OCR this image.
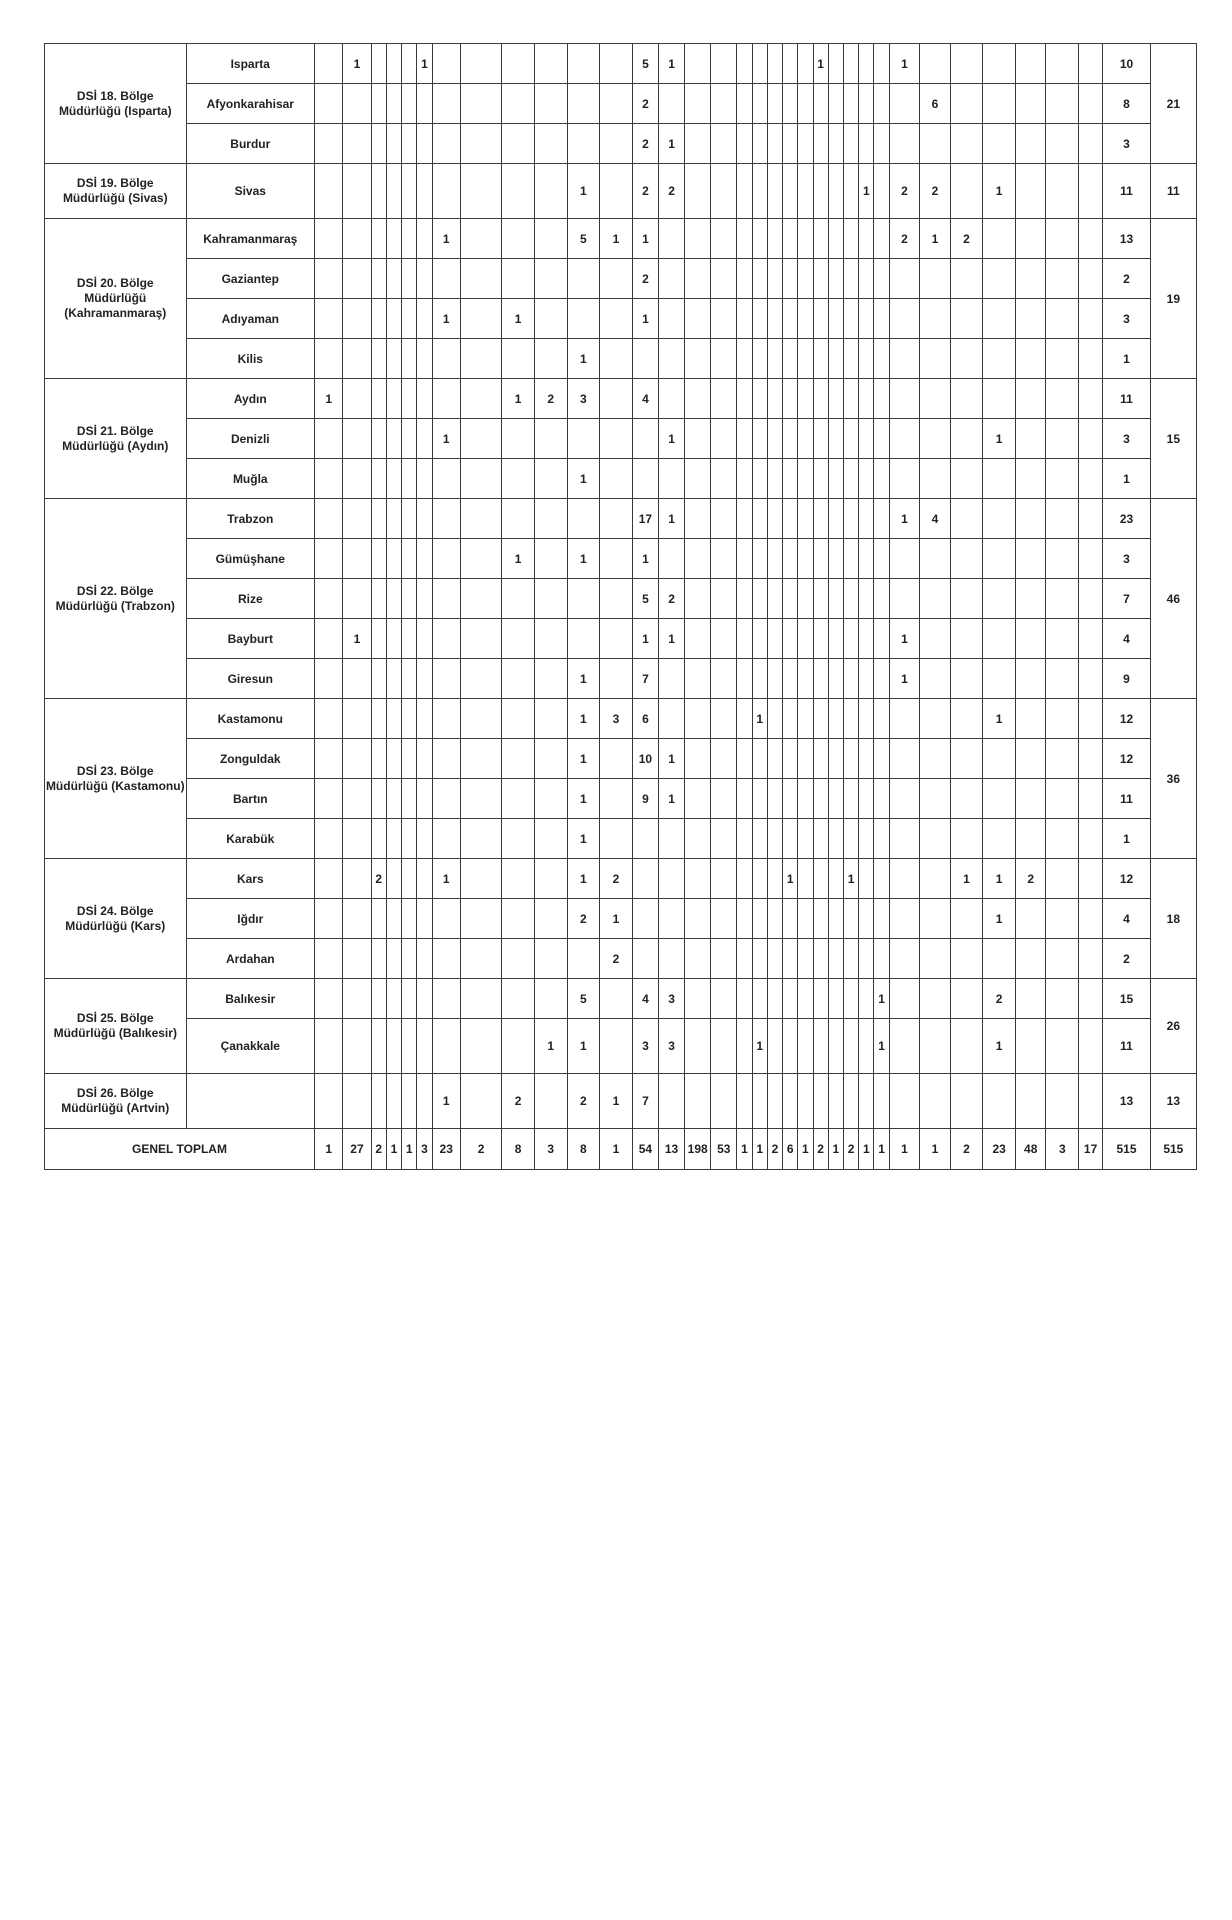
DSİ 18. Bölge Müdürlüğü (Isparta)	Isparta		1				1							5	1								1					1							10	21
	Afyonkarahisar													2															6						8	
	Burdur													2	1																				3	
DSİ 19. Bölge Müdürlüğü (Sivas)	Sivas											1		2	2											1		2	2		1				11	11
DSİ 20. Bölge Müdürlüğü (Kahramanmaraş)	Kahramanmaraş							1				5	1	1														2	1	2					13	19
	Gaziantep													2																					2	
	Adıyaman							1		1				1																					3	
	Kilis											1																							1	
DSİ 21. Bölge Müdürlüğü (Aydın)	Aydın	1								1	2	3		4																					11	15
	Denizli							1							1																1				3	
	Muğla											1																							1	
DSİ 22. Bölge Müdürlüğü (Trabzon)	Trabzon													17	1													1	4						23	46
	Gümüşhane									1		1		1																					3	
	Rize													5	2																				7	
	Bayburt		1											1	1													1							4	
	Giresun											1		7														1							9	
DSİ 23. Bölge Müdürlüğü (Kastamonu)	Kastamonu											1	3	6					1												1				12	36
	Zonguldak											1		10	1																				12	
	Bartın											1		9	1																				11	
	Karabük											1																							1	
DSİ 24. Bölge Müdürlüğü (Kars)	Kars			2				1				1	2								1				1					1	1	2			12	18
	Iğdır											2	1																		1				4	
	Ardahan												2																						2	
DSİ 25. Bölge Müdürlüğü (Balıkesir)	Balıkesir											5		4	3												1				2				15	26
	Çanakkale										1	1		3	3				1								1				1				11	
DSİ 26. Bölge Müdürlüğü (Artvin)								1		2		2	1	7																					13	13
GENEL TOPLAM		1	27	2	1	1	3	23	2	8	3	8	1	54	13	198	53	1	1	2	6	1	2	1	2	1	1	1	1	2	23	48	3	17	515	515
